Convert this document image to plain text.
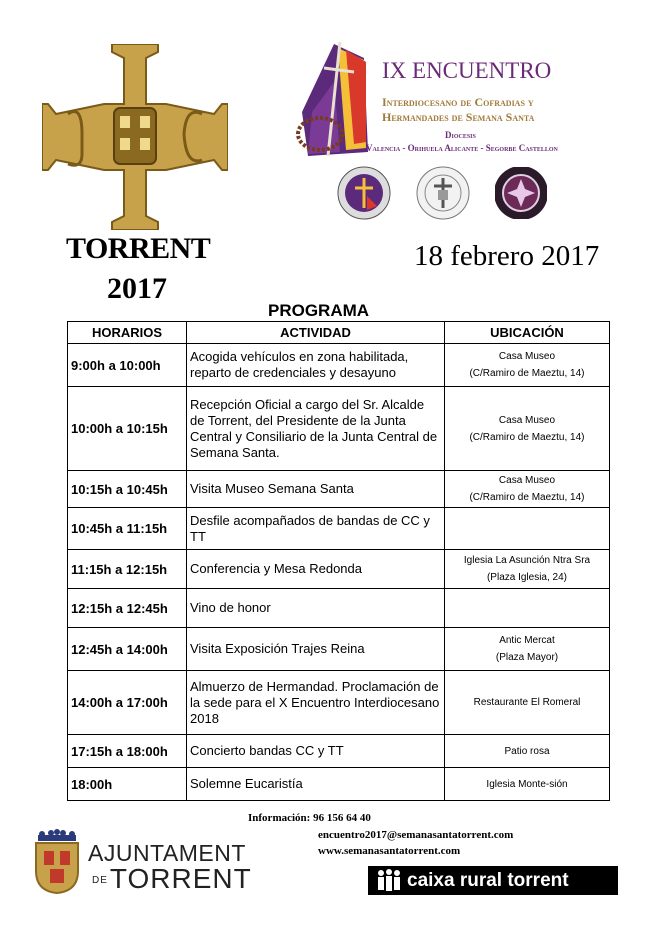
TORRENT
2017
IX ENCUENTRO
Interdiocesano de Cofradias y
Hermandades de Semana Santa
Diocesis
Valencia - Orihuela Alicante - Segorbe Castellon
18 febrero 2017
PROGRAMA
HORARIOS	ACTIVIDAD	UBICACIÓN
9:00h a 10:00h	Acogida vehículos en zona habilitada, reparto de credenciales y desayuno	Casa Museo
(C/Ramiro de Maeztu, 14)

10:00h a 10:15h	Recepción Oficial a cargo del Sr. Alcalde de Torrent, del Presidente de la Junta Central y Consiliario de la Junta Central de Semana Santa.	Casa Museo
(C/Ramiro de Maeztu, 14)

10:15h a 10:45h	Visita Museo Semana Santa	Casa Museo
(C/Ramiro de Maeztu, 14)

10:45h a 11:15h	Desfile acompañados de bandas de CC y TT	

11:15h a 12:15h	Conferencia y Mesa Redonda	Iglesia La Asunción Ntra Sra
(Plaza Iglesia, 24)

12:15h a 12:45h	Vino de honor	

12:45h a 14:00h	Visita Exposición Trajes Reina	Antic Mercat
(Plaza Mayor)

14:00h a 17:00h	Almuerzo de Hermandad. Proclamación de la sede para el X Encuentro Interdiocesano 2018	Restaurante El Romeral

17:15h a 18:00h	Concierto bandas CC y TT	Patio rosa

18:00h	Solemne Eucaristía	Iglesia Monte-sión
Información: 96 156 64 40
encuentro2017@semanasantatorrent.com
www.semanasantatorrent.com
AJUNTAMENT
DETORRENT	caixa rural torrent
